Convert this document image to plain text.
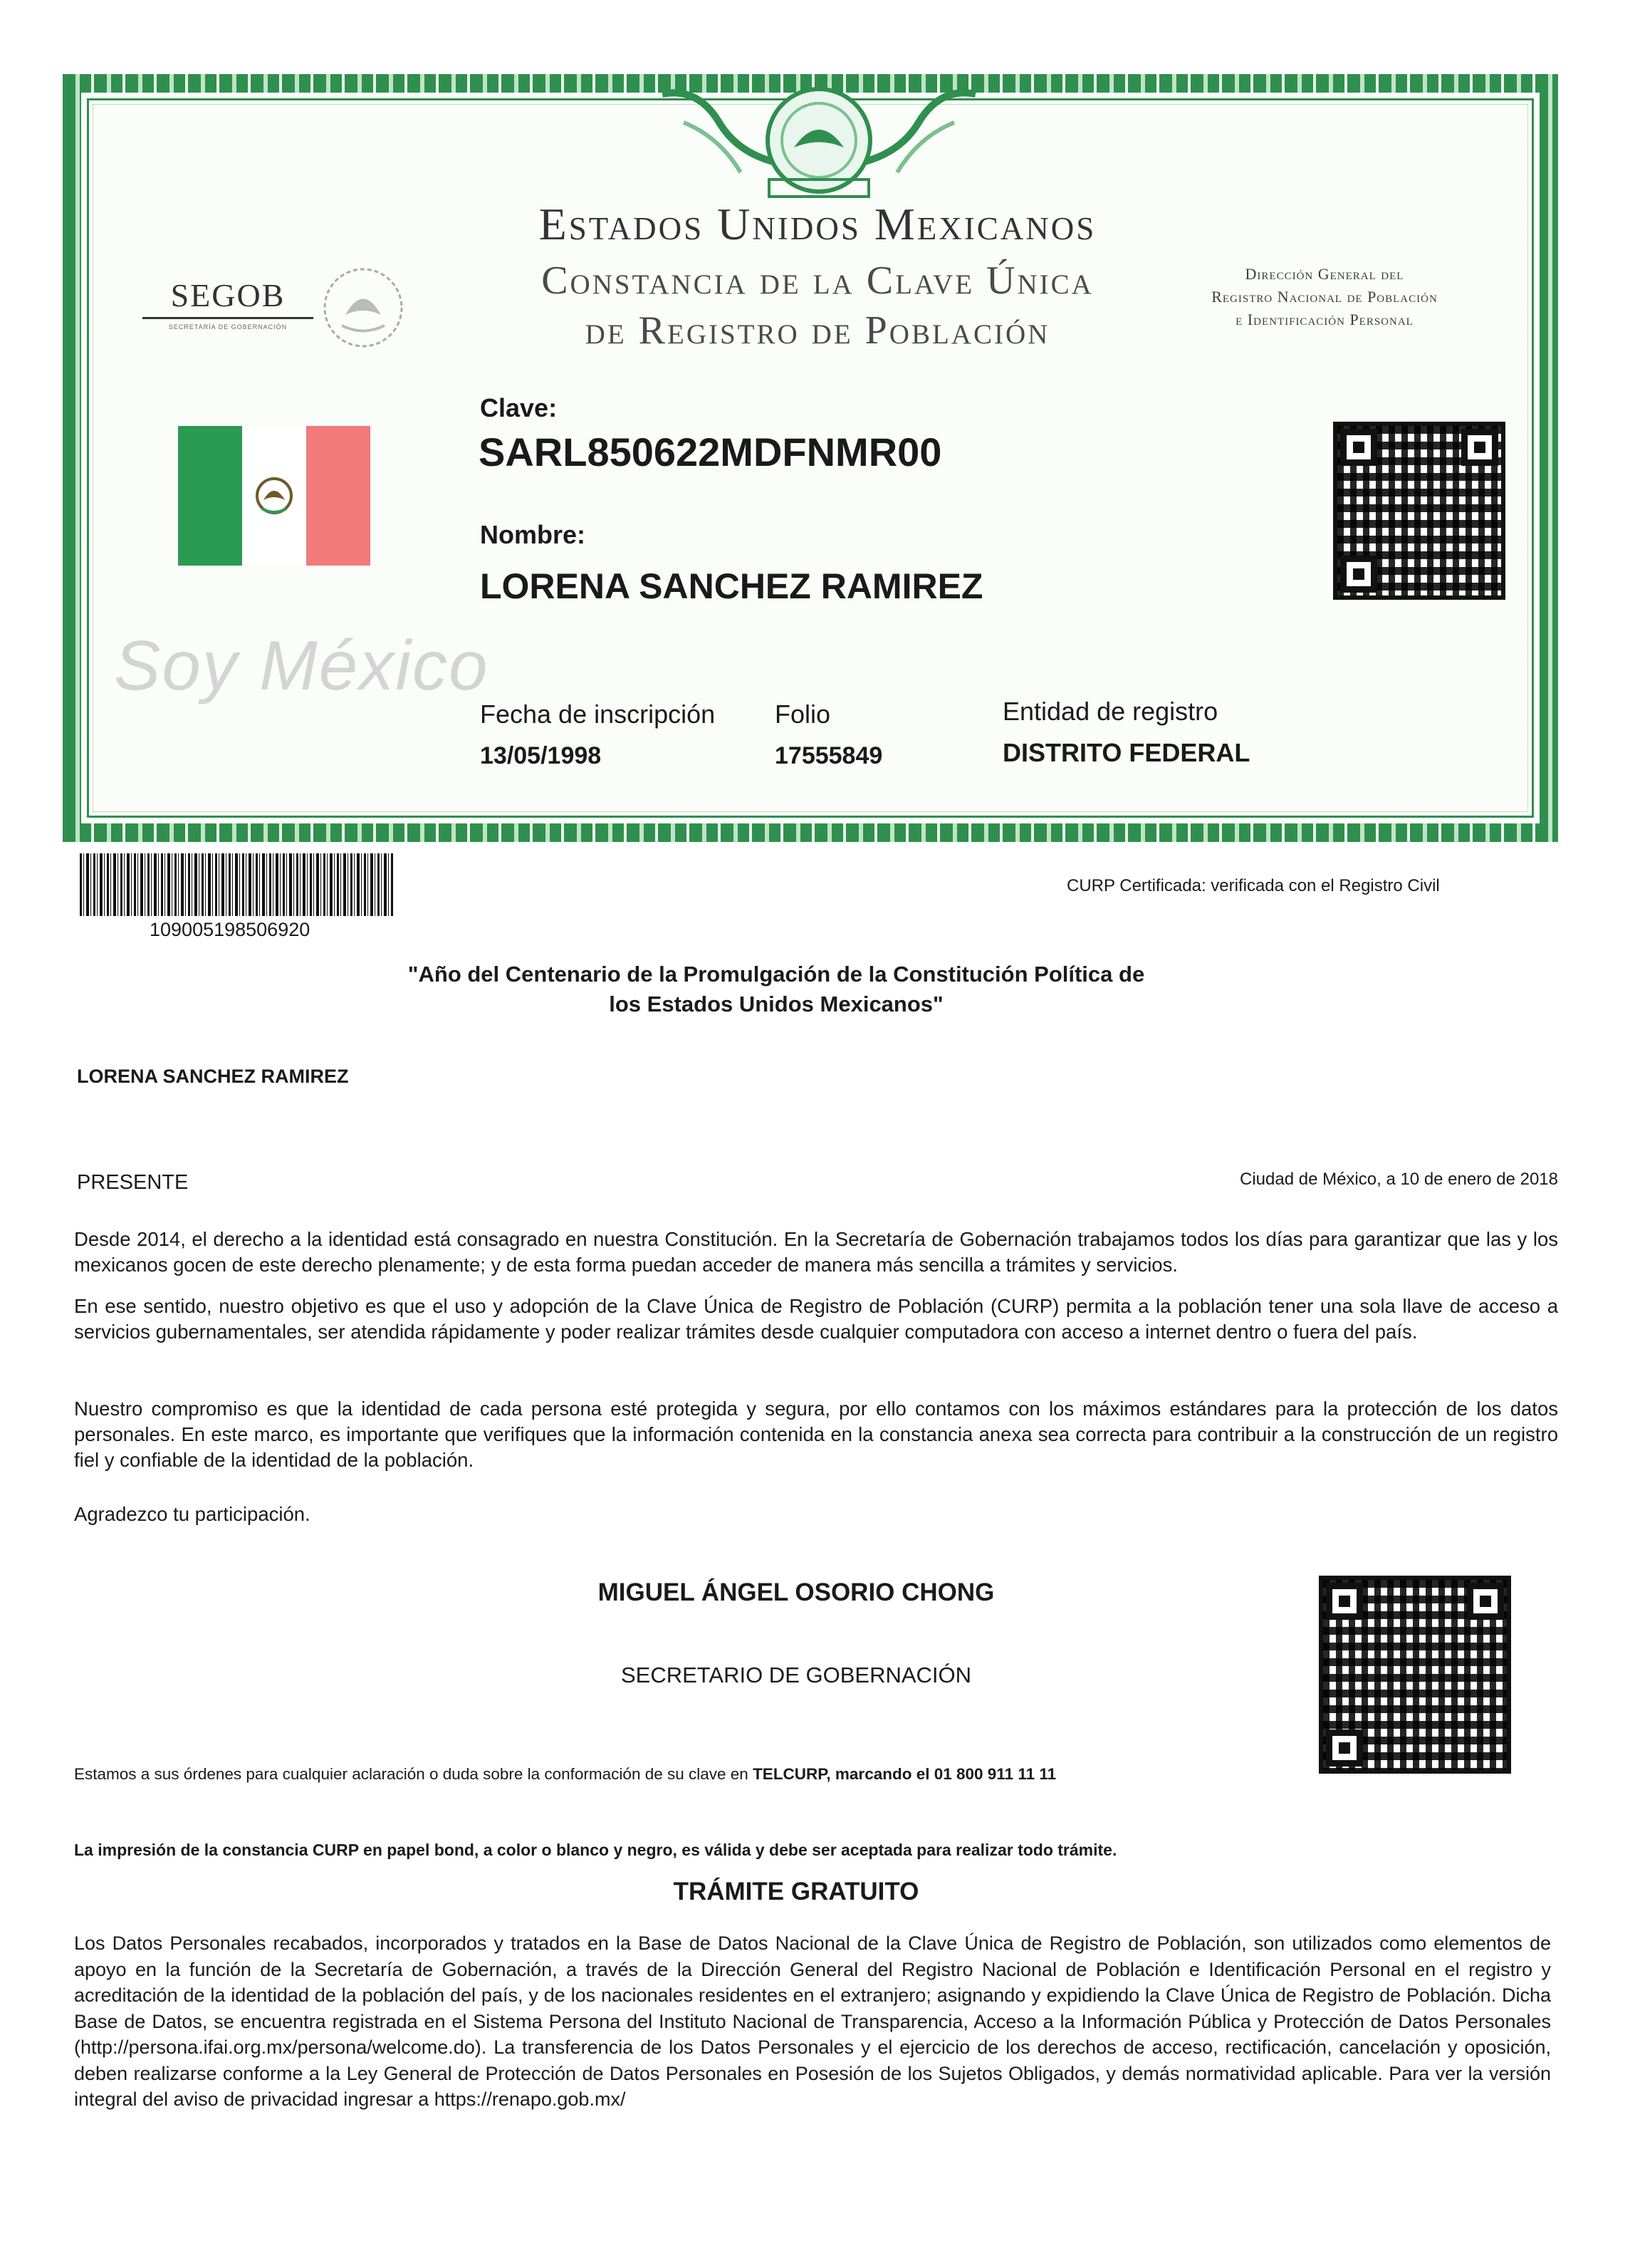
Estados Unidos Mexicanos
Constancia de la Clave Única
de Registro de Población
SEGOB
SECRETARÍA DE GOBERNACIÓN
Dirección General del
Registro Nacional de Población
e Identificación Personal
Soy México
Clave:
SARL850622MDFNMR00
Nombre:
LORENA SANCHEZ RAMIREZ
Fecha de inscripción
13/05/1998
Folio
17555849
Entidad de registro
DISTRITO FEDERAL
109005198506920
CURP Certificada: verificada con el Registro Civil
"Año del Centenario de la Promulgación de la Constitución Política de
los Estados Unidos Mexicanos"
LORENA SANCHEZ RAMIREZ
PRESENTE	Ciudad de México, a 10 de enero de 2018
Desde 2014, el derecho a la identidad está consagrado en nuestra Constitución. En la Secretaría de Gobernación trabajamos todos los días para garantizar que las y los mexicanos gocen de este derecho plenamente; y de esta forma puedan acceder de manera más sencilla a trámites y servicios.
En ese sentido, nuestro objetivo es que el uso y adopción de la Clave Única de Registro de Población (CURP) permita a la población tener una sola llave de acceso a servicios gubernamentales, ser atendida rápidamente y poder realizar trámites desde cualquier computadora con acceso a internet dentro o fuera del país.
Nuestro compromiso es que la identidad de cada persona esté protegida y segura, por ello contamos con los máximos estándares para la protección de los datos personales. En este marco, es importante que verifiques que la información contenida en la constancia anexa sea correcta para contribuir a la construcción de un registro fiel y confiable de la identidad de la población.
Agradezco tu participación.
MIGUEL ÁNGEL OSORIO CHONG
SECRETARIO DE GOBERNACIÓN
Estamos a sus órdenes para cualquier aclaración o duda sobre la conformación de su clave en TELCURP, marcando el 01 800 911 11 11
La impresión de la constancia CURP en papel bond, a color o blanco y negro, es válida y debe ser aceptada para realizar todo trámite.
TRÁMITE GRATUITO
Los Datos Personales recabados, incorporados y tratados en la Base de Datos Nacional de la Clave Única de Registro de Población, son utilizados como elementos de apoyo en la función de la Secretaría de Gobernación, a través de la Dirección General del Registro Nacional de Población e Identificación Personal en el registro y acreditación de la identidad de la población del país, y de los nacionales residentes en el extranjero; asignando y expidiendo la Clave Única de Registro de Población. Dicha Base de Datos, se encuentra registrada en el Sistema Persona del Instituto Nacional de Transparencia, Acceso a la Información Pública y Protección de Datos Personales (http://persona.ifai.org.mx/persona/welcome.do). La transferencia de los Datos Personales y el ejercicio de los derechos de acceso, rectificación, cancelación y oposición, deben realizarse conforme a la Ley General de Protección de Datos Personales en Posesión de los Sujetos Obligados, y demás normatividad aplicable. Para ver la versión integral del aviso de privacidad ingresar a https://renapo.gob.mx/
